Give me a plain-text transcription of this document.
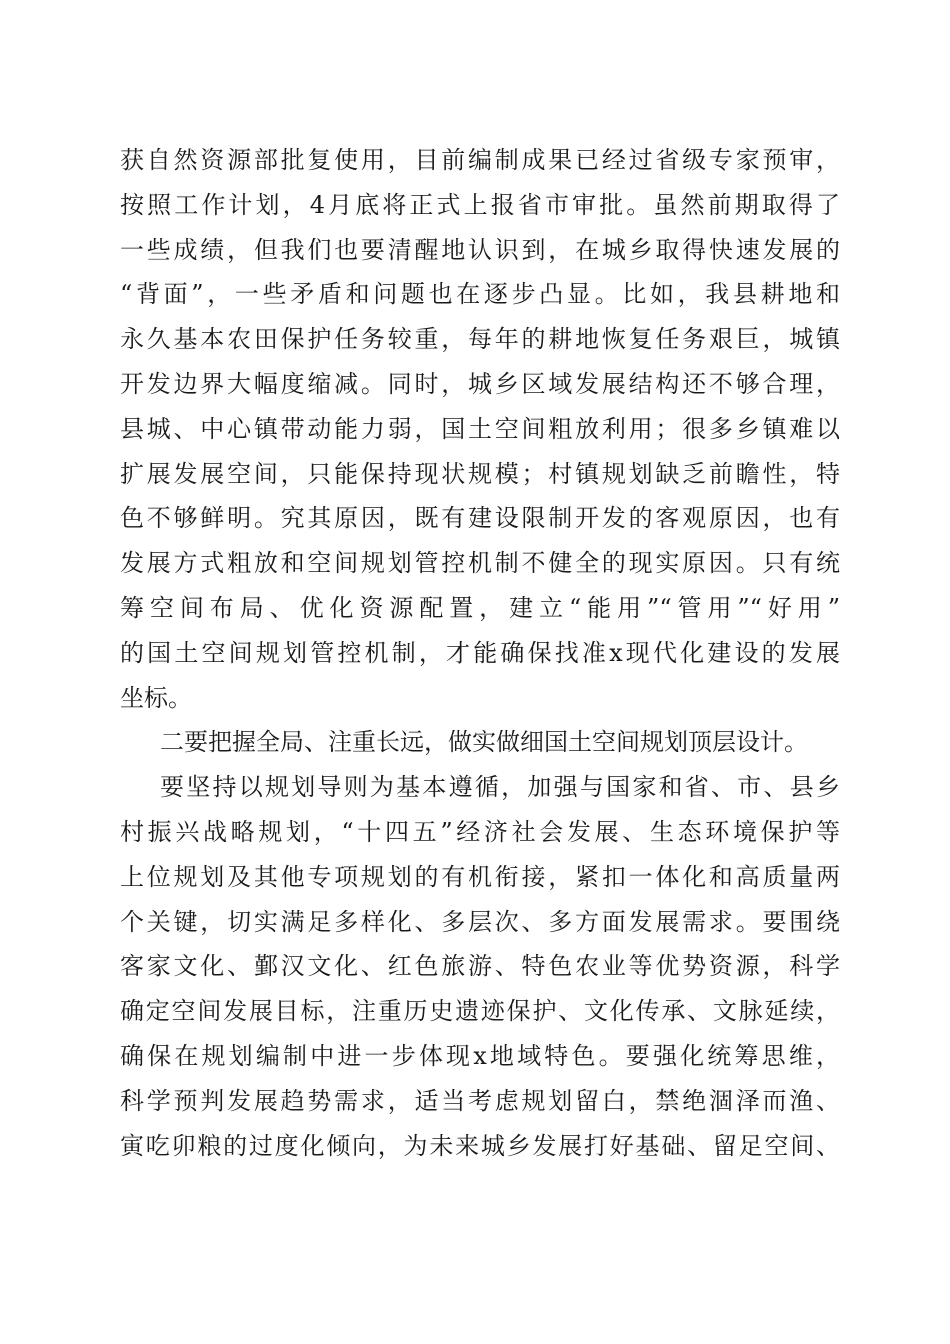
获自然资源部批复使用，目前编制成果已经过省级专家预审，
按照工作计划，4月底将正式上报省市审批。虽然前期取得了
一些成绩，但我们也要清醒地认识到，在城乡取得快速发展的
“背面”，一些矛盾和问题也在逐步凸显。比如，我县耕地和
永久基本农田保护任务较重，每年的耕地恢复任务艰巨，城镇
开发边界大幅度缩减。同时，城乡区域发展结构还不够合理，
县城、中心镇带动能力弱，国土空间粗放利用；很多乡镇难以
扩展发展空间，只能保持现状规模；村镇规划缺乏前瞻性，特
色不够鲜明。究其原因，既有建设限制开发的客观原因，也有
发展方式粗放和空间规划管控机制不健全的现实原因。只有统
筹空间布局、优化资源配置，建立“能用”“管用”“好用”
的国土空间规划管控机制，才能确保找准x现代化建设的发展
坐标。
二要把握全局、注重长远，做实做细国土空间规划顶层设计。
要坚持以规划导则为基本遵循，加强与国家和省、市、县乡
村振兴战略规划，“十四五”经济社会发展、生态环境保护等
上位规划及其他专项规划的有机衔接，紧扣一体化和高质量两
个关键，切实满足多样化、多层次、多方面发展需求。要围绕
客家文化、鄞汉文化、红色旅游、特色农业等优势资源，科学
确定空间发展目标，注重历史遗迹保护、文化传承、文脉延续，
确保在规划编制中进一步体现x地域特色。要强化统筹思维，
科学预判发展趋势需求，适当考虑规划留白，禁绝涸泽而渔、
寅吃卯粮的过度化倾向，为未来城乡发展打好基础、留足空间、
